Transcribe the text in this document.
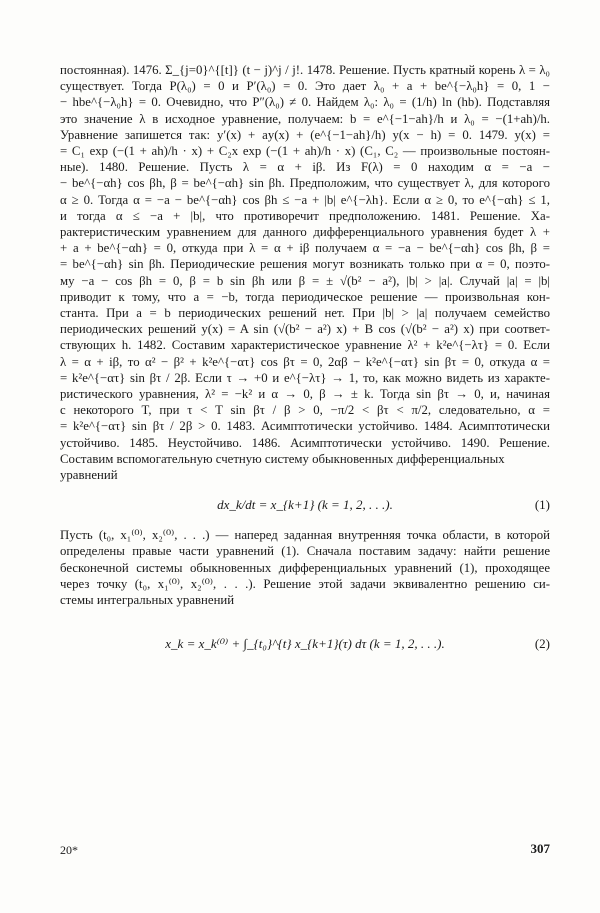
постоянная). 1476. Σ_{j=0}^{[t]} (t − j)^j / j!. 1478. Решение. Пусть кратный корень λ = λ₀
существует. Тогда P(λ₀) = 0 и P′(λ₀) = 0. Это дает λ₀ + a + be^{−λ₀h} = 0, 1 −
− hbe^{−λ₀h} = 0. Очевидно, что P″(λ₀) ≠ 0. Найдем λ₀: λ₀ = (1/h) ln (hb). Подставляя
это значение λ в исходное уравнение, получаем: b = e^{−1−ah}/h и λ₀ = −(1+ah)/h.
Уравнение запишется так: y′(x) + ay(x) + (e^{−1−ah}/h) y(x − h) = 0. 1479. y(x) =
= C₁ exp (−(1 + ah)/h · x) + C₂x exp (−(1 + ah)/h · x) (C₁, C₂ — произвольные постоян-
ные). 1480. Решение. Пусть λ = α + iβ. Из F(λ) = 0 находим α = −a −
− be^{−αh} cos βh, β = be^{−αh} sin βh. Предположим, что существует λ, для которого
α ≥ 0. Тогда α = −a − be^{−αh} cos βh ≤ −a + |b| e^{−λh}. Если α ≥ 0, то e^{−αh} ≤ 1,
и тогда α ≤ −a + |b|, что противоречит предположению. 1481. Решение. Ха-
рактеристическим уравнением для данного дифференциального уравнения будет λ +
+ a + be^{−αh} = 0, откуда при λ = α + iβ получаем α = −a − be^{−αh} cos βh, β =
= be^{−αh} sin βh. Периодические решения могут возникать только при α = 0, поэто-
му −a − cos βh = 0, β = b sin βh или β = ± √(b² − a²), |b| > |a|. Случай |a| = |b|
приводит к тому, что a = −b, тогда периодическое решение — произвольная кон-
станта. При a = b периодических решений нет. При |b| > |a| получаем семейство
периодических решений y(x) = A sin (√(b² − a²) x) + B cos (√(b² − a²) x) при соответ-
ствующих h. 1482. Составим характеристическое уравнение λ² + k²e^{−λτ} = 0. Если
λ = α + iβ, то α² − β² + k²e^{−ατ} cos βτ = 0, 2αβ − k²e^{−ατ} sin βτ = 0, откуда α =
= k²e^{−ατ} sin βτ / 2β. Если τ → +0 и e^{−λτ} → 1, то, как можно видеть из характе-
ристического уравнения, λ² = −k² и α → 0, β → ± k. Тогда sin βτ → 0, и, начиная
с некоторого T, при τ < T sin βτ / β > 0, −π/2 < βτ < π/2, следовательно, α =
= k²e^{−ατ} sin βτ / 2β > 0. 1483. Асимптотически устойчиво. 1484. Асимптотически
устойчиво. 1485. Неустойчиво. 1486. Асимптотически устойчиво. 1490. Решение.
Составим вспомогательную счетную систему обыкновенных дифференциальных уравнений
dx_k/dt = x_{k+1} (k = 1, 2, . . .).	(1)
Пусть (t₀, x₁⁽⁰⁾, x₂⁽⁰⁾, . . .) — наперед заданная внутренняя точка области, в которой
определены правые части уравнений (1). Сначала поставим задачу: найти решение
бесконечной системы обыкновенных дифференциальных уравнений (1), проходящее
через точку (t₀, x₁⁽⁰⁾, x₂⁽⁰⁾, . . .). Решение этой задачи эквивалентно решению си-
стемы интегральных уравнений
x_k = x_k⁽⁰⁾ + ∫_{t₀}^{t} x_{k+1}(τ) dτ (k = 1, 2, . . .).	(2)
20*	307
